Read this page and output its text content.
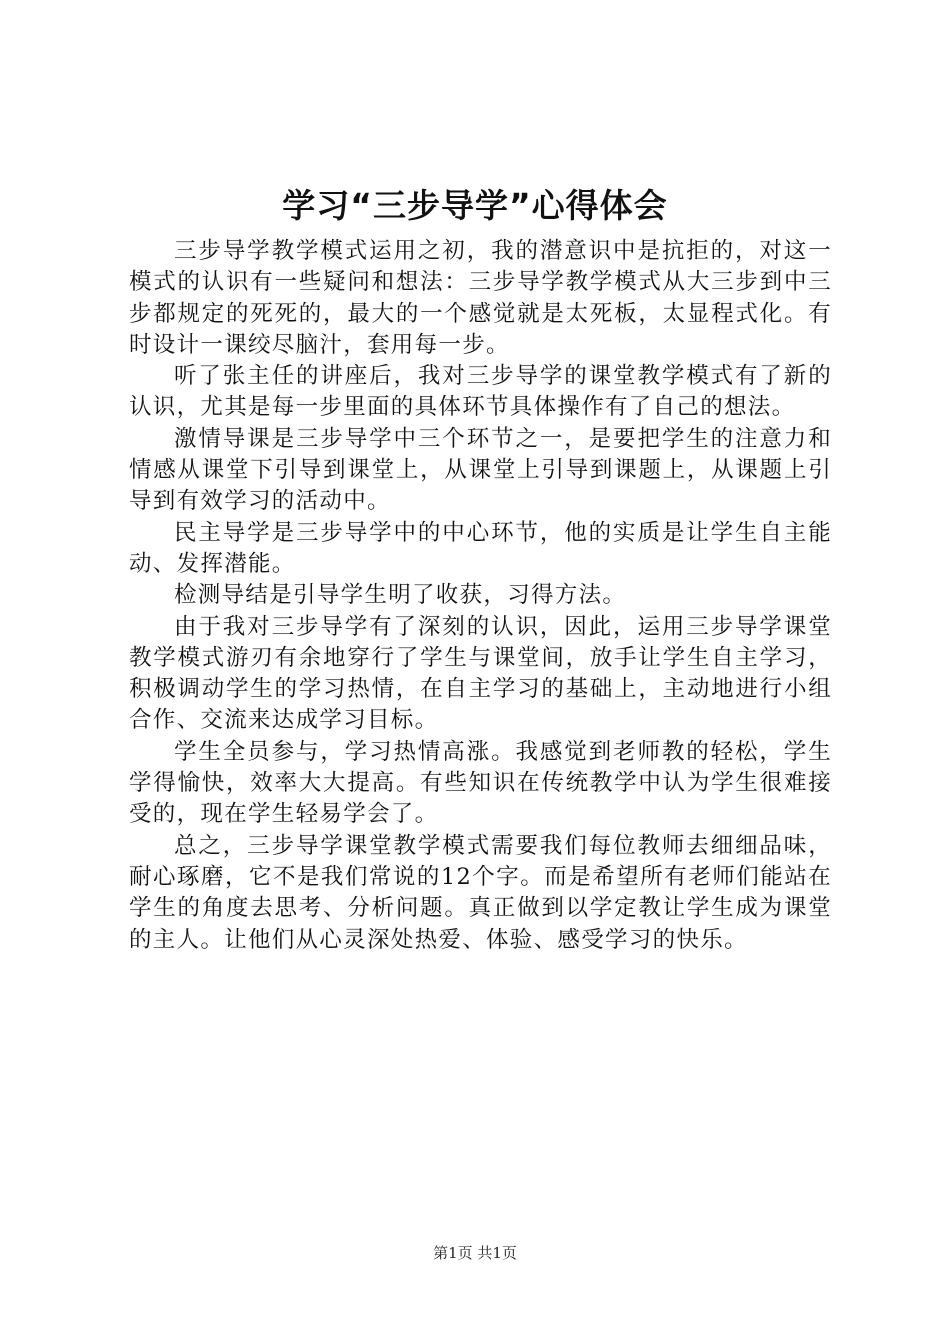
学习“三步导学”心得体会

三步导学教学模式运用之初，我的潜意识中是抗拒的，对这一模式的认识有一些疑问和想法：三步导学教学模式从大三步到中三步都规定的死死的，最大的一个感觉就是太死板，太显程式化。有时设计一课绞尽脑汁，套用每一步。

听了张主任的讲座后，我对三步导学的课堂教学模式有了新的认识，尤其是每一步里面的具体环节具体操作有了自己的想法。

激情导课是三步导学中三个环节之一，是要把学生的注意力和情感从课堂下引导到课堂上，从课堂上引导到课题上，从课题上引导到有效学习的活动中。

民主导学是三步导学中的中心环节，他的实质是让学生自主能动、发挥潜能。

检测导结是引导学生明了收获，习得方法。

由于我对三步导学有了深刻的认识，因此，运用三步导学课堂教学模式游刃有余地穿行了学生与课堂间，放手让学生自主学习，积极调动学生的学习热情，在自主学习的基础上，主动地进行小组合作、交流来达成学习目标。

学生全员参与，学习热情高涨。我感觉到老师教的轻松，学生学得愉快，效率大大提高。有些知识在传统教学中认为学生很难接受的，现在学生轻易学会了。

总之，三步导学课堂教学模式需要我们每位教师去细细品味，耐心琢磨，它不是我们常说的12个字。而是希望所有老师们能站在学生的角度去思考、分析问题。真正做到以学定教让学生成为课堂的主人。让他们从心灵深处热爱、体验、感受学习的快乐。

第1页 共1页
